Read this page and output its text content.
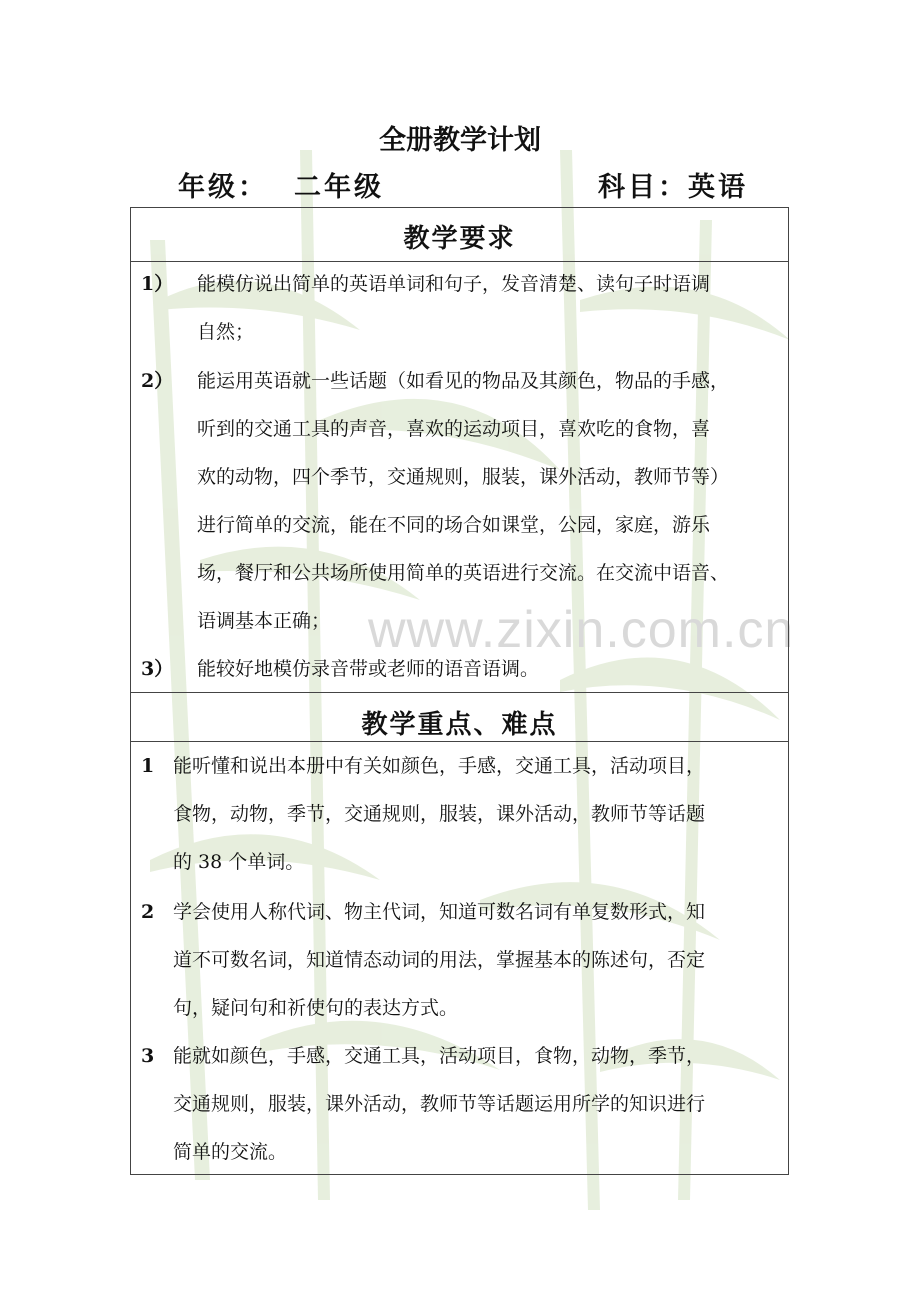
www.zixin.com.cn
全册教学计划
年级： 二年级	科目：英语
教学要求
1） 能模仿说出简单的英语单词和句子，发音清楚、读句子时语调
自然；
2） 能运用英语就一些话题（如看见的物品及其颜色，物品的手感，
听到的交通工具的声音，喜欢的运动项目，喜欢吃的食物，喜
欢的动物，四个季节，交通规则，服装，课外活动，教师节等）
进行简单的交流，能在不同的场合如课堂，公园，家庭，游乐
场，餐厅和公共场所使用简单的英语进行交流。在交流中语音、
语调基本正确；
3） 能较好地模仿录音带或老师的语音语调。
教学重点、难点
1 能听懂和说出本册中有关如颜色，手感，交通工具，活动项目，
食物，动物，季节，交通规则，服装，课外活动，教师节等话题
的 38 个单词。
2 学会使用人称代词、物主代词，知道可数名词有单复数形式，知
道不可数名词，知道情态动词的用法，掌握基本的陈述句，否定
句，疑问句和祈使句的表达方式。
3 能就如颜色，手感，交通工具，活动项目，食物，动物，季节，
交通规则，服装，课外活动，教师节等话题运用所学的知识进行
简单的交流。
